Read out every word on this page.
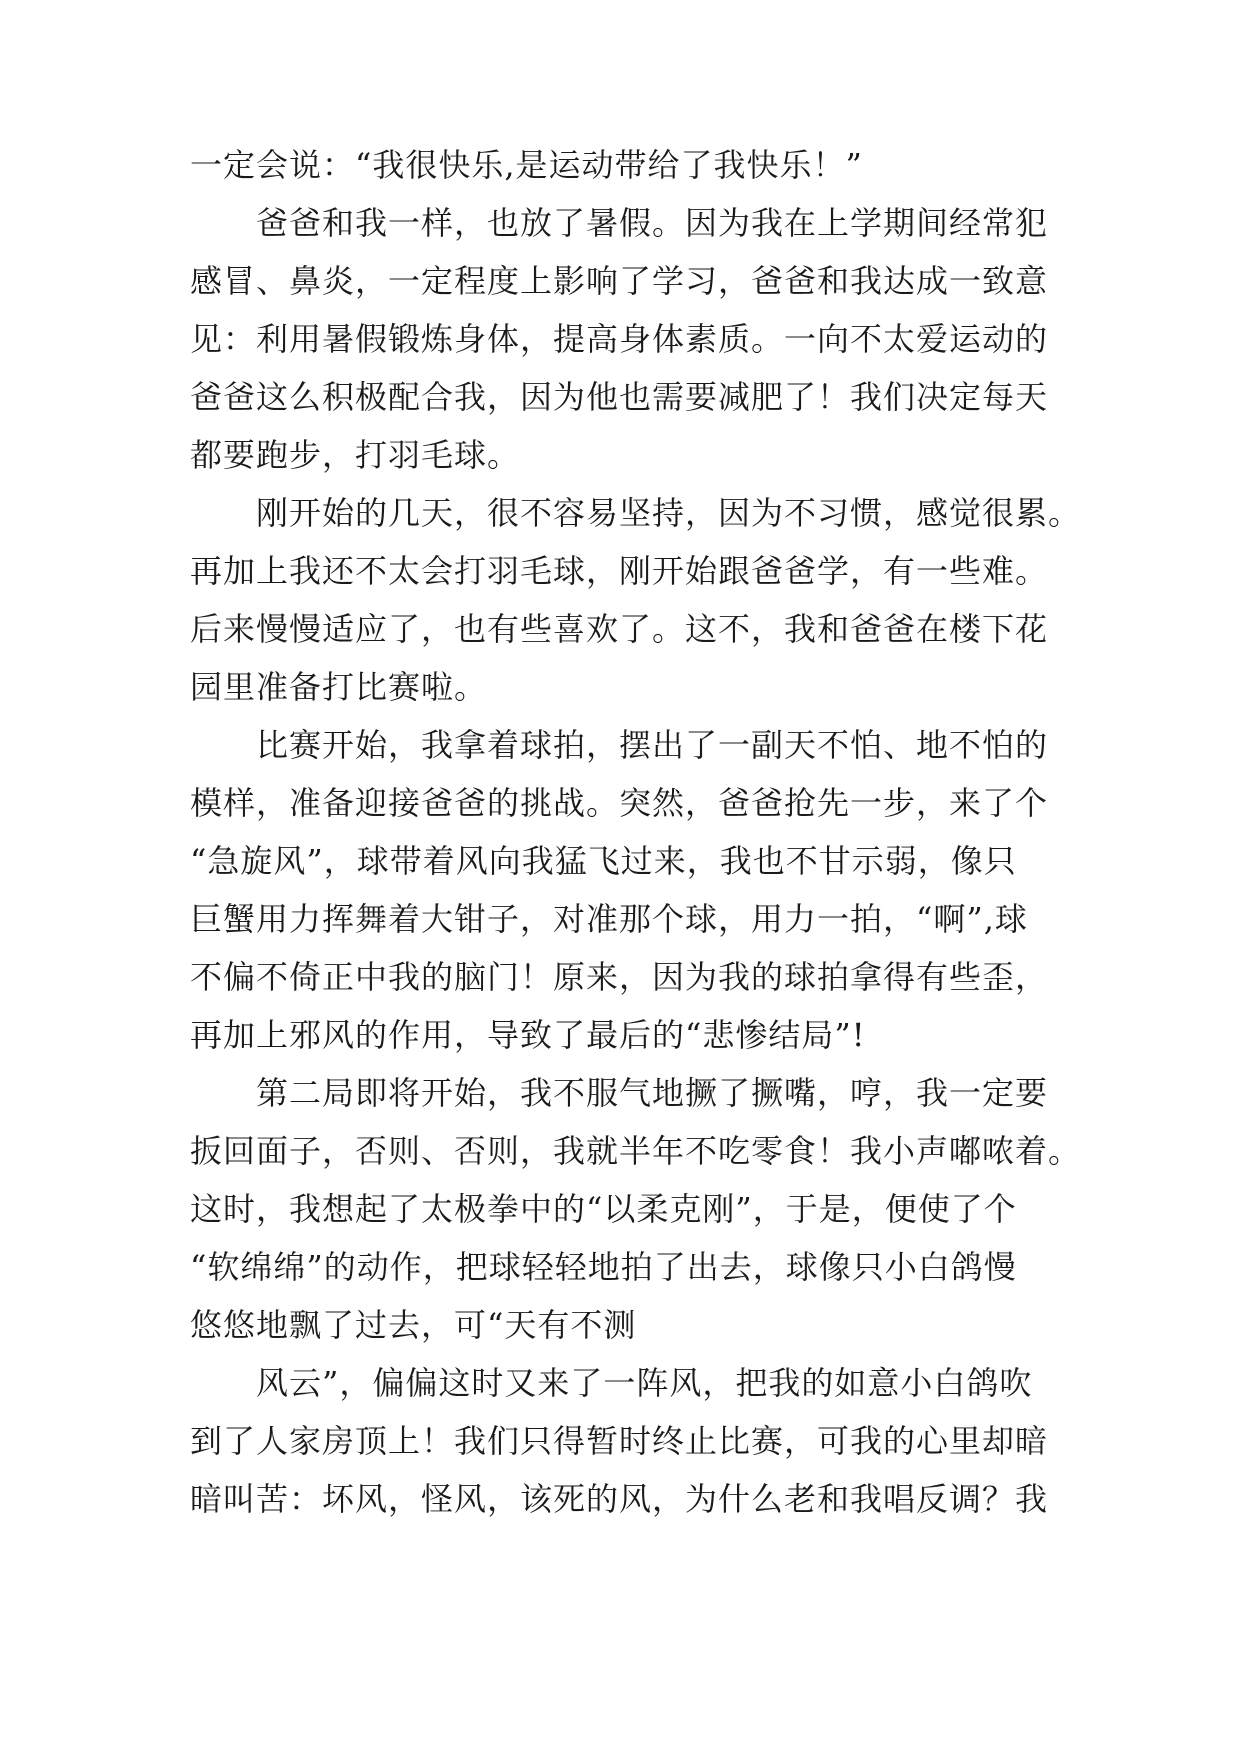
一定会说：“我很快乐,是运动带给了我快乐！”
爸爸和我一样，也放了暑假。因为我在上学期间经常犯
感冒、鼻炎，一定程度上影响了学习，爸爸和我达成一致意
见：利用暑假锻炼身体，提高身体素质。一向不太爱运动的
爸爸这么积极配合我，因为他也需要减肥了！我们决定每天
都要跑步，打羽毛球。
刚开始的几天，很不容易坚持，因为不习惯，感觉很累。
再加上我还不太会打羽毛球，刚开始跟爸爸学，有一些难。
后来慢慢适应了，也有些喜欢了。这不，我和爸爸在楼下花
园里准备打比赛啦。
比赛开始，我拿着球拍，摆出了一副天不怕、地不怕的
模样，准备迎接爸爸的挑战。突然，爸爸抢先一步，来了个
“急旋风”，球带着风向我猛飞过来，我也不甘示弱，像只
巨蟹用力挥舞着大钳子，对准那个球，用力一拍，“啊”,球
不偏不倚正中我的脑门！原来，因为我的球拍拿得有些歪，
再加上邪风的作用，导致了最后的“悲惨结局”!
第二局即将开始，我不服气地撅了撅嘴，哼，我一定要
扳回面子，否则、否则，我就半年不吃零食！我小声嘟哝着。
这时，我想起了太极拳中的“以柔克刚”，于是，便使了个
“软绵绵”的动作，把球轻轻地拍了出去，球像只小白鸽慢
悠悠地飘了过去，可“天有不测
风云”，偏偏这时又来了一阵风，把我的如意小白鸽吹
到了人家房顶上！我们只得暂时终止比赛，可我的心里却暗
暗叫苦：坏风，怪风，该死的风，为什么老和我唱反调？我
